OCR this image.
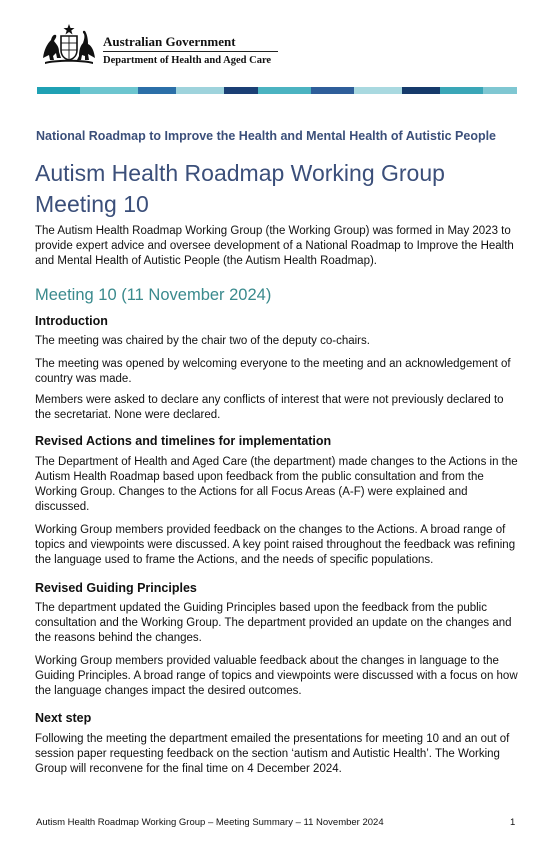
Australian Government
Department of Health and Aged Care
National Roadmap to Improve the Health and Mental Health of Autistic People
Autism Health Roadmap Working Group
Meeting 10
The Autism Health Roadmap Working Group (the Working Group) was formed in May 2023 to provide expert advice and oversee development of a National Roadmap to Improve the Health and Mental Health of Autistic People (the Autism Health Roadmap).
Meeting 10 (11 November 2024)
Introduction
The meeting was chaired by the chair two of the deputy co-chairs.
The meeting was opened by welcoming everyone to the meeting and an acknowledgement of country was made.
Members were asked to declare any conflicts of interest that were not previously declared to the secretariat. None were declared.
Revised Actions and timelines for implementation
The Department of Health and Aged Care (the department) made changes to the Actions in the Autism Health Roadmap based upon feedback from the public consultation and from the Working Group. Changes to the Actions for all Focus Areas (A-F) were explained and discussed.
Working Group members provided feedback on the changes to the Actions. A broad range of topics and viewpoints were discussed. A key point raised throughout the feedback was refining the language used to frame the Actions, and the needs of specific populations.
Revised Guiding Principles
The department updated the Guiding Principles based upon the feedback from the public consultation and the Working Group. The department provided an update on the changes and the reasons behind the changes.
Working Group members provided valuable feedback about the changes in language to the Guiding Principles. A broad range of topics and viewpoints were discussed with a focus on how the language changes impact the desired outcomes.
Next step
Following the meeting the department emailed the presentations for meeting 10 and an out of session paper requesting feedback on the section ‘autism and Autistic Health’. The Working Group will reconvene for the final time on 4 December 2024.
Autism Health Roadmap Working Group – Meeting Summary – 11 November 2024	1
